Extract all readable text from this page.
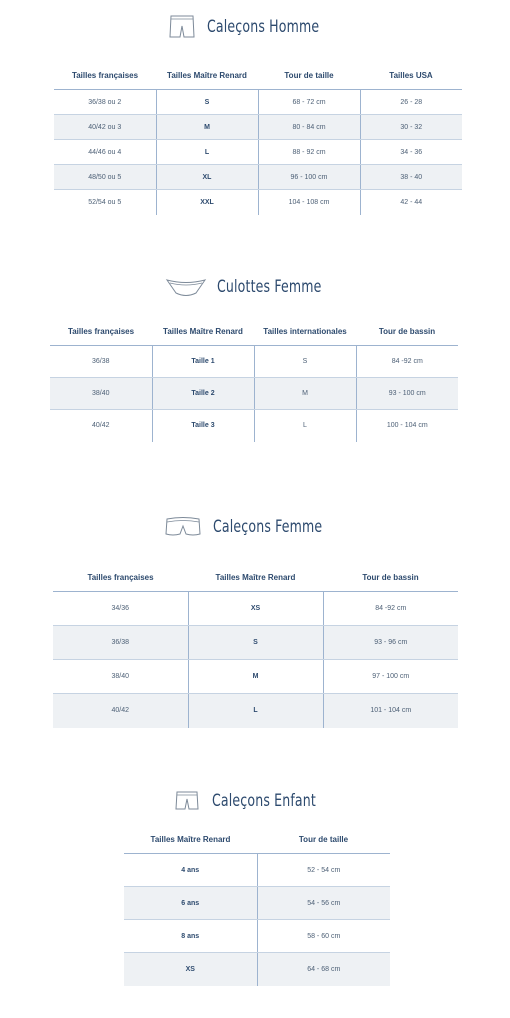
Caleçons Homme
Tailles françaises	Tailles Maître Renard	Tour de taille	Tailles USA
36/38 ou 2	S	68 - 72 cm	26 - 28
40/42 ou 3	M	80 - 84 cm	30 - 32
44/46 ou 4	L	88 - 92 cm	34 - 36
48/50 ou 5	XL	96 - 100 cm	38 - 40
52/54 ou 5	XXL	104 - 108 cm	42 - 44
Culottes Femme
Tailles françaises	Tailles Maître Renard	Tailles internationales	Tour de bassin
36/38	Taille 1	S	84 -92 cm
38/40	Taille 2	M	93 - 100 cm
40/42	Taille 3	L	100 - 104 cm
Caleçons Femme
Tailles françaises	Tailles Maître Renard	Tour de bassin
34/36	XS	84 -92 cm
36/38	S	93 - 96 cm
38/40	M	97 - 100 cm
40/42	L	101 - 104 cm
Caleçons Enfant
Tailles Maître Renard	Tour de taille
4 ans	52 - 54 cm
6 ans	54 - 56 cm
8 ans	58 - 60 cm
XS	64 - 68 cm
